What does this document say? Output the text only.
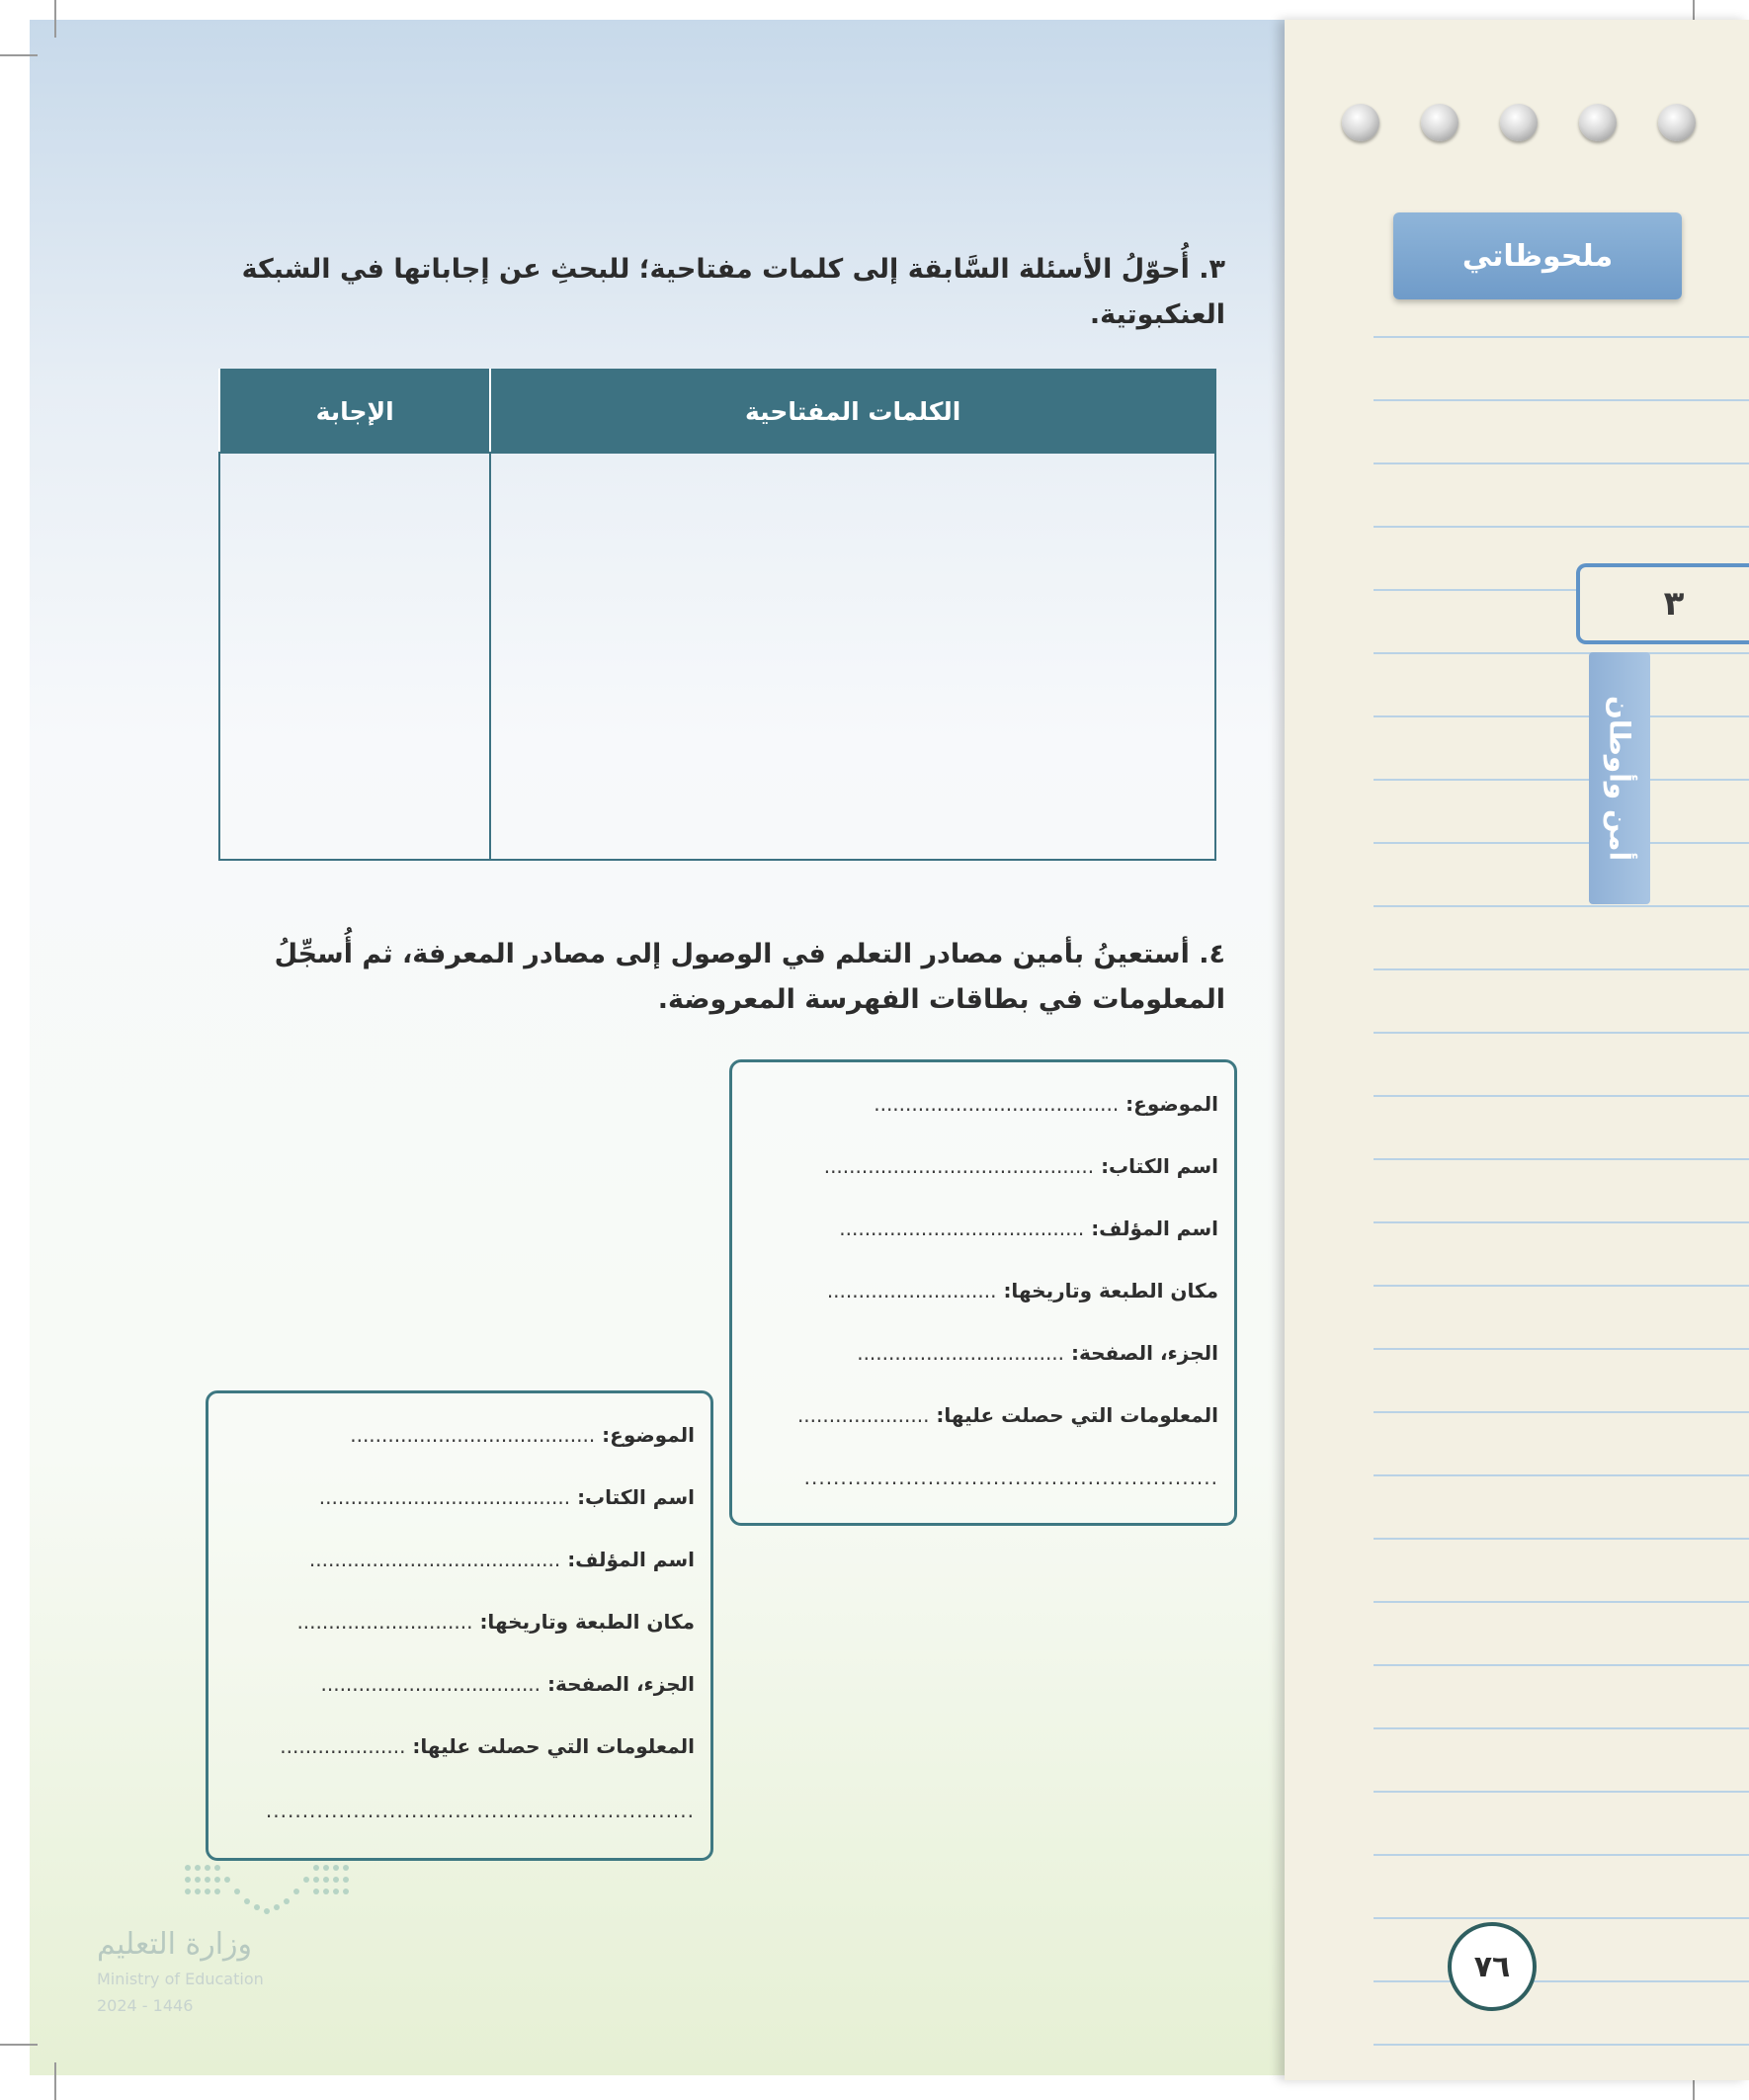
ملحوظاتي
٣
أمن وأوطان
٧٦
٣. أُحوّلُ الأسئلة السَّابقة إلى كلمات مفتاحية؛ للبحثِ عن إجاباتها في الشبكة
العنكبوتية.
الكلمات المفتاحية	الإجابة

٤. أستعينُ بأمين مصادر التعلم في الوصول إلى مصادر المعرفة، ثم أُسجِّلُ
المعلومات في بطاقات الفهرسة المعروضة.
الموضوع: .......................................
اسم الكتاب: ...........................................
اسم المؤلف: .......................................
مكان الطبعة وتاريخها: ...........................
الجزء، الصفحة: .................................
المعلومات التي حصلت عليها: .....................
.........................................................
الموضوع: .......................................
اسم الكتاب: ........................................
اسم المؤلف: ........................................
مكان الطبعة وتاريخها: ............................
الجزء، الصفحة: ...................................
المعلومات التي حصلت عليها: ....................
...........................................................
وزارة التعليم
Ministry of Education
2024 - 1446
